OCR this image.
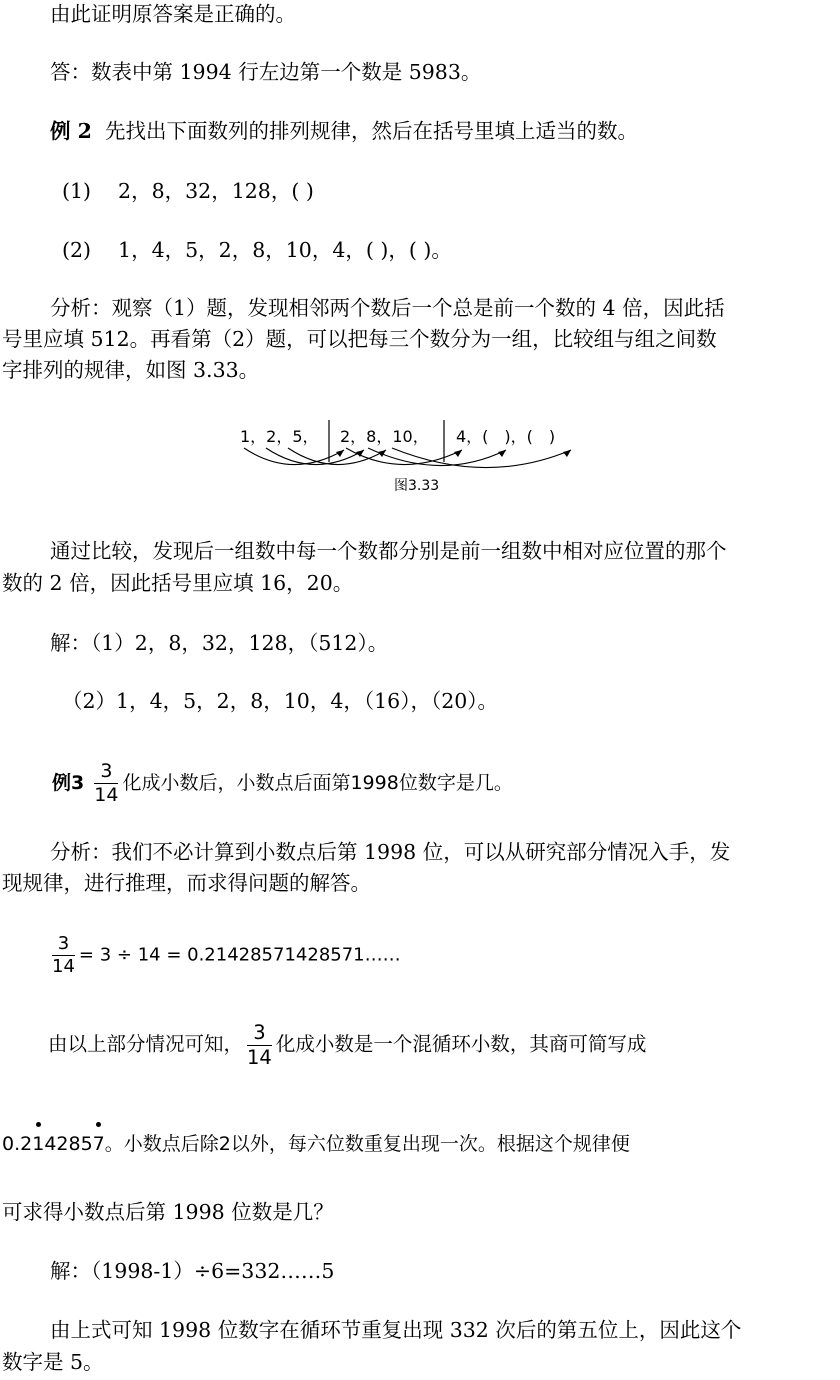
由此证明原答案是正确的。
答：数表中第 1994 行左边第一个数是 5983。
例 2 先找出下面数列的排列规律，然后在括号里填上适当的数。
(1)　 2，8，32，128，( )
(2)　 1，4，5，2，8，10，4，( )，( )。
分析：观察（1）题，发现相邻两个数后一个总是前一个数的 4 倍，因此括
号里应填 512。再看第（2）题，可以把每三个数分为一组，比较组与组之间数
字排列的规律，如图 3.33。
1，2，5， 2，8，10， 4，(　)，(　)
图3.33
通过比较，发现后一组数中每一个数都分别是前一组数中相对应位置的那个
数的 2 倍，因此括号里应填 16，20。
解：（1）2，8，32，128，（512）。
（2）1，4，5，2，8，10，4，（16），（20）。
例$3 \frac{3}{14}$ 化成小数后，小数点后面第1998位数字是几。
分析：我们不必计算到小数点后第 1998 位，可以从研究部分情况入手，发
现规律，进行推理，而求得问题的解答。
$\frac{3}{14} = 3 \div 14$ = 0.21428571428571……
由以上部分情况可知， $\frac{3}{14}$ 化成小数是一个混循环小数，其商可简写成
0.2142857。小数点后除2以外，每六位数重复出现一次。根据这个规律便
可求得小数点后第 1998 位数是几？
解：（1998-1）÷6=332……5
由上式可知 1998 位数字在循环节重复出现 332 次后的第五位上，因此这个
数字是 5。
